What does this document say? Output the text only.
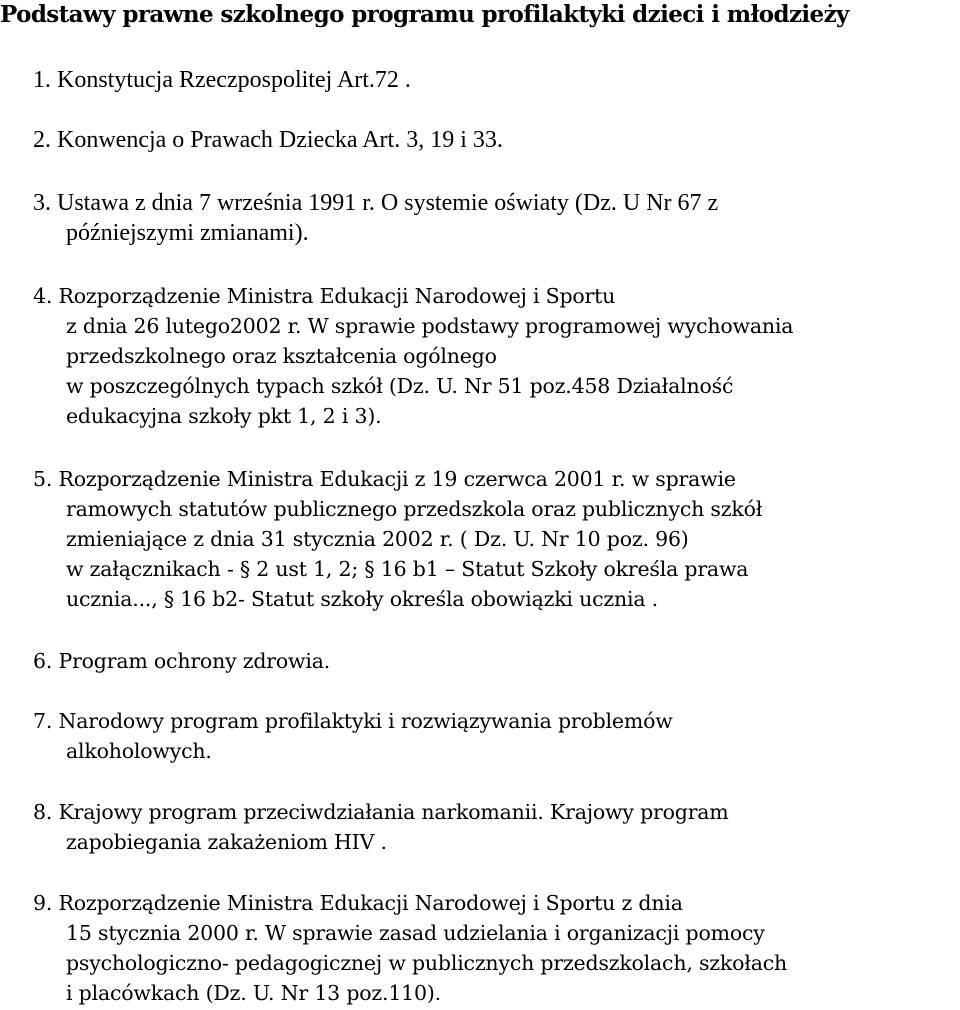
Podstawy prawne szkolnego programu profilaktyki dzieci i młodzieży
1. Konstytucja Rzeczpospolitej Art.72 .
2. Konwencja o Prawach Dziecka Art. 3, 19 i 33.
3. Ustawa z dnia 7 września 1991 r. O systemie oświaty (Dz. U Nr 67 z
późniejszymi zmianami).
4. Rozporządzenie Ministra Edukacji Narodowej i Sportu
z dnia 26 lutego2002 r. W sprawie podstawy programowej wychowania
przedszkolnego oraz kształcenia ogólnego
w poszczególnych typach szkół (Dz. U. Nr 51 poz.458 Działalność
edukacyjna szkoły pkt 1, 2 i 3).
5. Rozporządzenie Ministra Edukacji z 19 czerwca 2001 r. w sprawie
ramowych statutów publicznego przedszkola oraz publicznych szkół
zmieniające z dnia 31 stycznia 2002 r. ( Dz. U. Nr 10 poz. 96)
w załącznikach - § 2 ust 1, 2; § 16 b1 – Statut Szkoły określa prawa
ucznia..., § 16 b2- Statut szkoły określa obowiązki ucznia .
6. Program ochrony zdrowia.
7. Narodowy program profilaktyki i rozwiązywania problemów
alkoholowych.
8. Krajowy program przeciwdziałania narkomanii. Krajowy program
zapobiegania zakażeniom HIV .
9. Rozporządzenie Ministra Edukacji Narodowej i Sportu z dnia
15 stycznia 2000 r. W sprawie zasad udzielania i organizacji pomocy
psychologiczno- pedagogicznej w publicznych przedszkolach, szkołach
i placówkach (Dz. U. Nr 13 poz.110).
